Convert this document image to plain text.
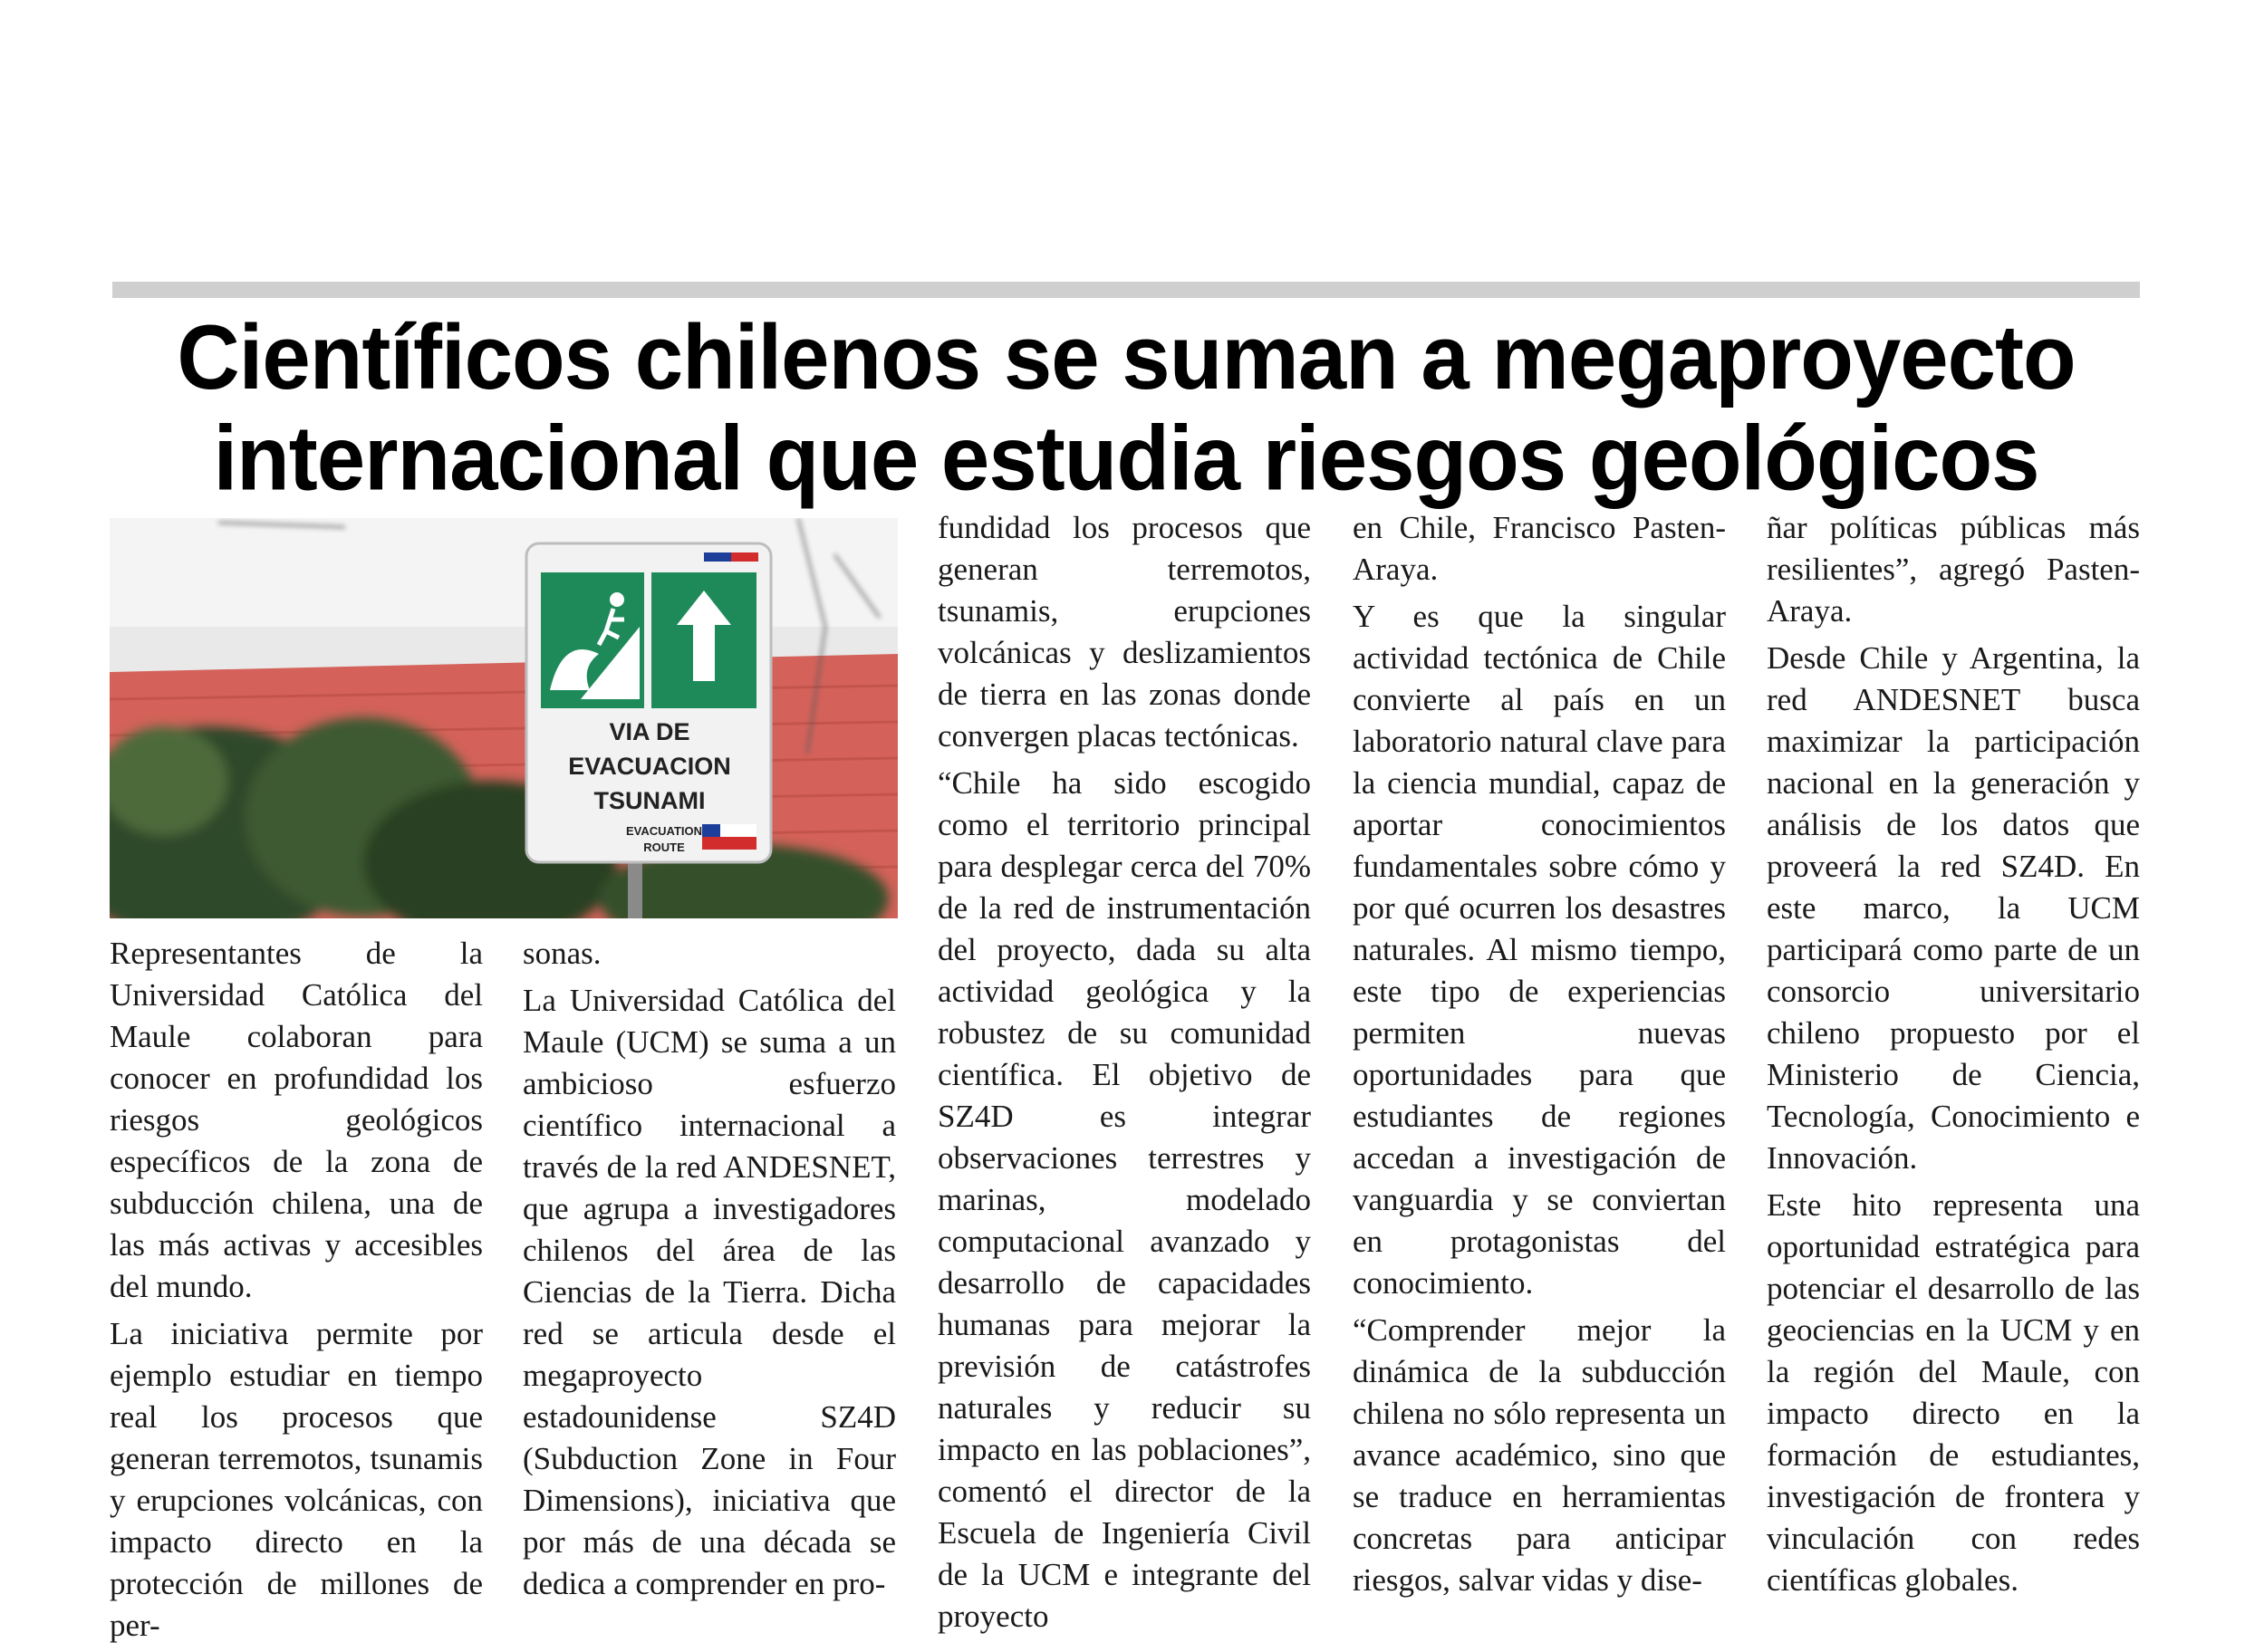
Científicos chilenos se suman a megaproyecto
internacional que estudia riesgos geológicos
VIA DE
EVACUACION
TSUNAMI
EVACUATION
ROUTE

Representantes de la Universidad Católica del Maule colaboran para conocer en profundidad los riesgos geológicos específicos de la zona de subducción chilena, una de las más activas y accesibles del mundo.

La iniciativa permite por ejemplo estudiar en tiempo real los procesos que generan terremotos, tsunamis y erupciones volcánicas, con impacto directo en la protección de millones de per-

sonas.

La Universidad Católica del Maule (UCM) se suma a un ambicioso esfuerzo científico internacional a través de la red ANDESNET, que agrupa a investigadores chilenos del área de las Ciencias de la Tierra. Dicha red se articula desde el megaproyecto estadounidense SZ4D (Subduction Zone in Four Dimensions), iniciativa que por más de una década se dedica a comprender en pro-

fundidad los procesos que generan terremotos, tsunamis, erupciones volcánicas y deslizamientos de tierra en las zonas donde convergen placas tectónicas.

“Chile ha sido escogido como el territorio principal para desplegar cerca del 70% de la red de instrumentación del proyecto, dada su alta actividad geológica y la robustez de su comunidad científica. El objetivo de SZ4D es integrar observaciones terrestres y marinas, modelado computacional avanzado y desarrollo de capacidades humanas para mejorar la previsión de catástrofes naturales y reducir su impacto en las poblaciones”, comentó el director de la Escuela de Ingeniería Civil de la UCM e integrante del proyecto

en Chile, Francisco Pasten-Araya.

Y es que la singular actividad tectónica de Chile convierte al país en un laboratorio natural clave para la ciencia mundial, capaz de aportar conocimientos fundamentales sobre cómo y por qué ocurren los desastres naturales. Al mismo tiempo, este tipo de experiencias permiten nuevas oportunidades para que estudiantes de regiones accedan a investigación de vanguardia y se conviertan en protagonistas del conocimiento.

“Comprender mejor la dinámica de la subducción chilena no sólo representa un avance académico, sino que se traduce en herramientas concretas para anticipar riesgos, salvar vidas y dise-

ñar políticas públicas más resilientes”, agregó Pasten-Araya.

Desde Chile y Argentina, la red ANDESNET busca maximizar la participación nacional en la generación y análisis de los datos que proveerá la red SZ4D. En este marco, la UCM participará como parte de un consorcio universitario chileno propuesto por el Ministerio de Ciencia, Tecnología, Conocimiento e Innovación.

Este hito representa una oportunidad estratégica para potenciar el desarrollo de las geociencias en la UCM y en la región del Maule, con impacto directo en la formación de estudiantes, investigación de frontera y vinculación con redes científicas globales.
